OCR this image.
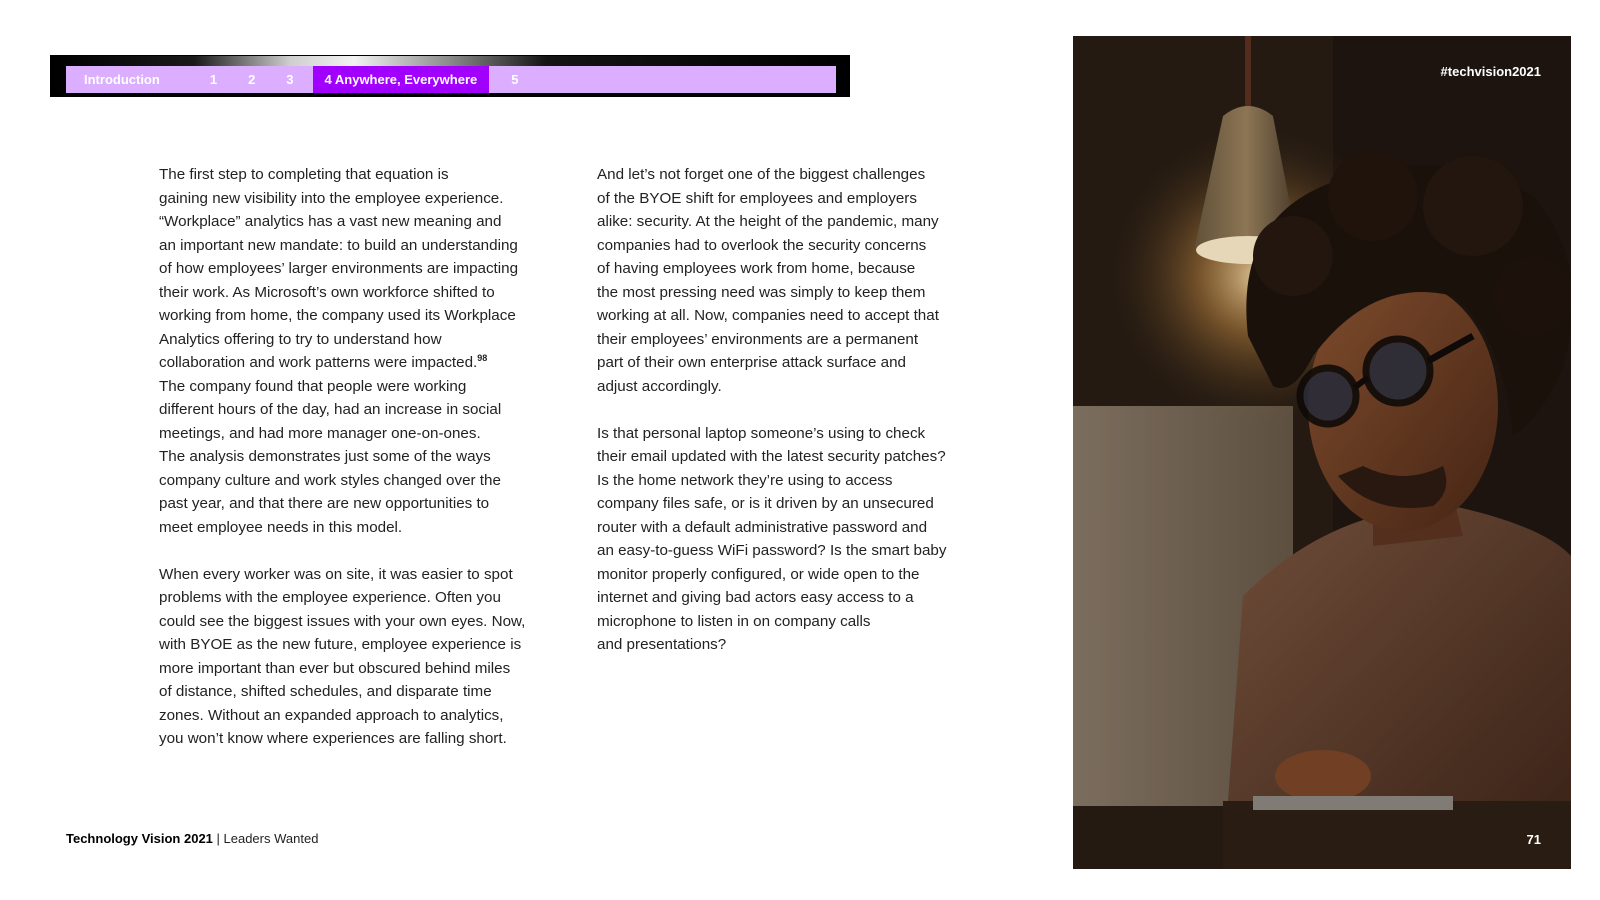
Introduction	1	2	3	4 Anywhere, Everywhere	5

The first step to completing that equation is
gaining new visibility into the employee experience.
“Workplace” analytics has a vast new meaning and
an important new mandate: to build an understanding
of how employees’ larger environments are impacting
their work. As Microsoft’s own workforce shifted to
working from home, the company used its Workplace
Analytics offering to try to understand how
collaboration and work patterns were impacted.$^{98}$
The company found that people were working
different hours of the day, had an increase in social
meetings, and had more manager one-on-ones.
The analysis demonstrates just some of the ways
company culture and work styles changed over the
past year, and that there are new opportunities to
meet employee needs in this model.

When every worker was on site, it was easier to spot
problems with the employee experience. Often you
could see the biggest issues with your own eyes. Now,
with BYOE as the new future, employee experience is
more important than ever but obscured behind miles
of distance, shifted schedules, and disparate time
zones. Without an expanded approach to analytics,
you won’t know where experiences are falling short.

And let’s not forget one of the biggest challenges
of the BYOE shift for employees and employers
alike: security. At the height of the pandemic, many
companies had to overlook the security concerns
of having employees work from home, because
the most pressing need was simply to keep them
working at all. Now, companies need to accept that
their employees’ environments are a permanent
part of their own enterprise attack surface and
adjust accordingly.

Is that personal laptop someone’s using to check
their email updated with the latest security patches?
Is the home network they’re using to access
company files safe, or is it driven by an unsecured
router with a default administrative password and
an easy-to-guess WiFi password? Is the smart baby
monitor properly configured, or wide open to the
internet and giving bad actors easy access to a
microphone to listen in on company calls
and presentations?

Technology Vision 2021 | Leaders Wanted
#techvision2021
71
